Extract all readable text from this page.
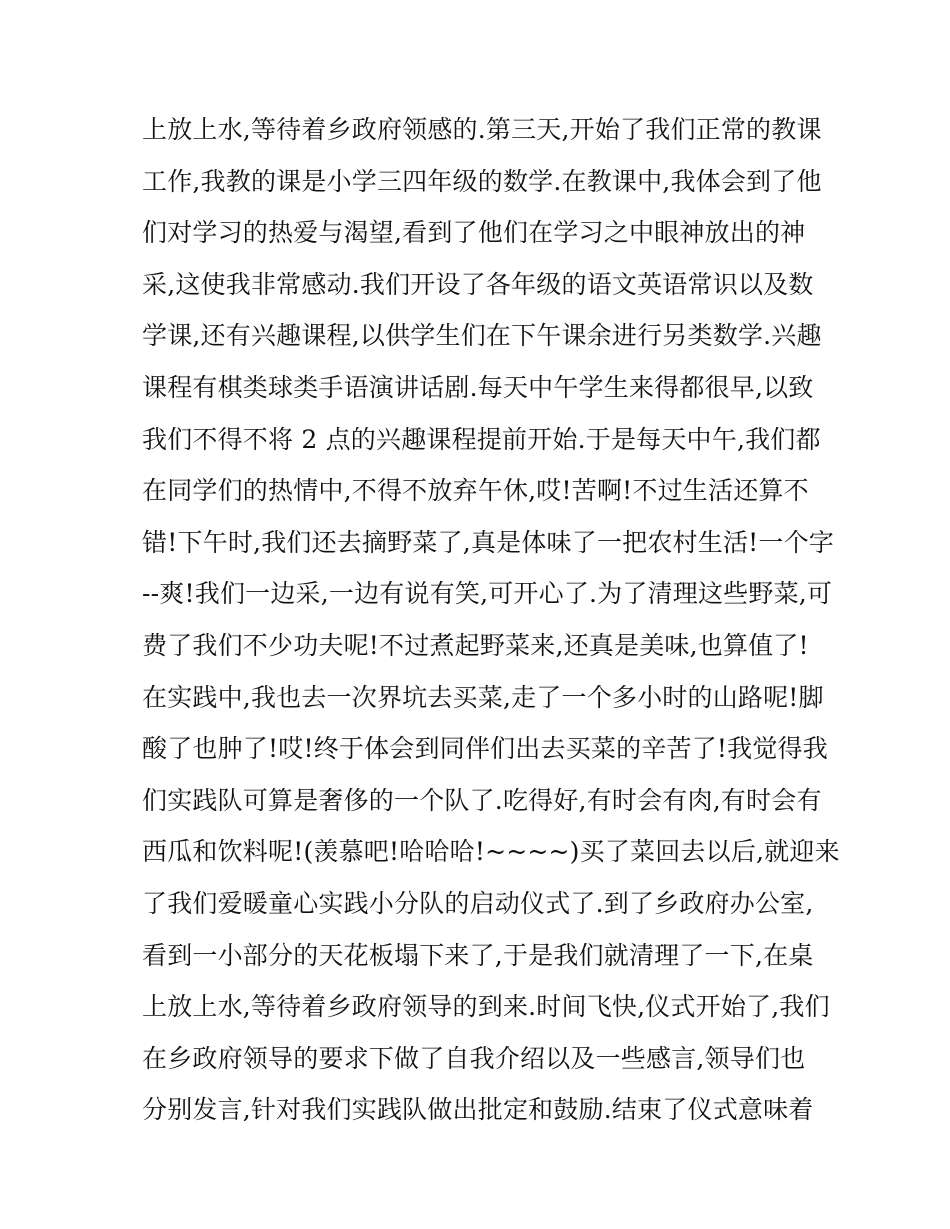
上放上水,等待着乡政府领感的.第三天,开始了我们正常的教课
工作,我教的课是小学三四年级的数学.在教课中,我体会到了他
们对学习的热爱与渴望,看到了他们在学习之中眼神放出的神
采,这使我非常感动.我们开设了各年级的语文英语常识以及数
学课,还有兴趣课程,以供学生们在下午课余进行另类数学.兴趣
课程有棋类球类手语演讲话剧.每天中午学生来得都很早,以致
我们不得不将 2 点的兴趣课程提前开始.于是每天中午,我们都
在同学们的热情中,不得不放弃午休,哎!苦啊!不过生活还算不
错!下午时,我们还去摘野菜了,真是体味了一把农村生活!一个字
--爽!我们一边采,一边有说有笑,可开心了.为了清理这些野菜,可
费了我们不少功夫呢!不过煮起野菜来,还真是美味,也算值了!
在实践中,我也去一次界坑去买菜,走了一个多小时的山路呢!脚
酸了也肿了!哎!终于体会到同伴们出去买菜的辛苦了!我觉得我
们实践队可算是奢侈的一个队了.吃得好,有时会有肉,有时会有
西瓜和饮料呢!(羡慕吧!哈哈哈!~~~~)买了菜回去以后,就迎来
了我们爱暖童心实践小分队的启动仪式了.到了乡政府办公室,
看到一小部分的天花板塌下来了,于是我们就清理了一下,在桌
上放上水,等待着乡政府领导的到来.时间飞快,仪式开始了,我们
在乡政府领导的要求下做了自我介绍以及一些感言,领导们也
分别发言,针对我们实践队做出批定和鼓励.结束了仪式意味着
